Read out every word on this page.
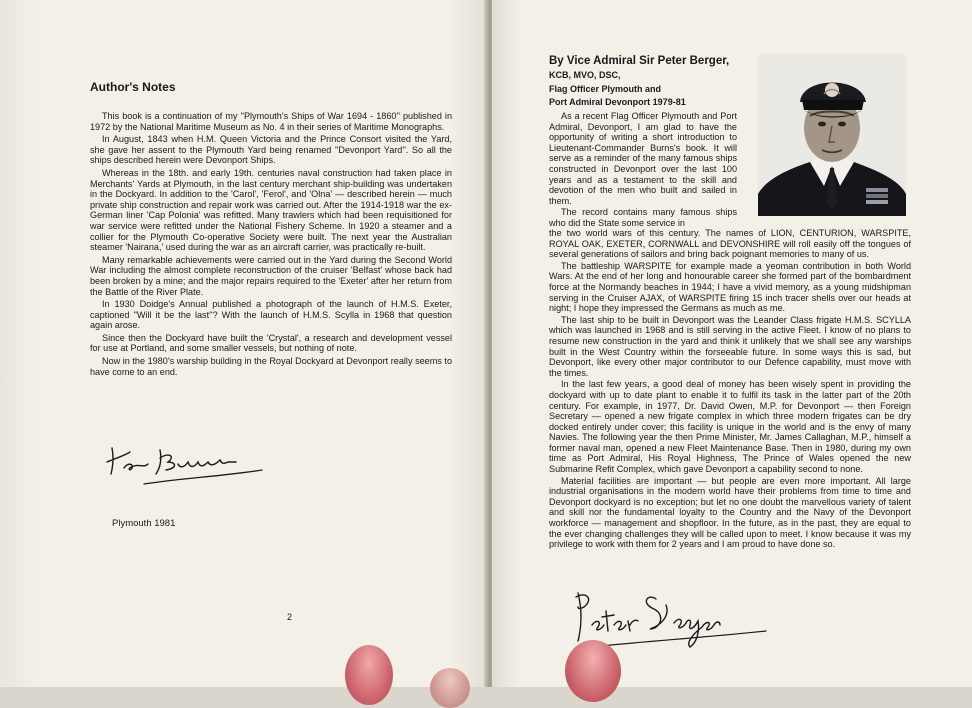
Author's Notes

This book is a continuation of my ''Plymouth's Ships of War 1694 - 1860'' published in 1972 by the National Maritime Museum as No. 4 in their series of Maritime Monographs.

In August, 1843 when H.M. Queen Victoria and the Prince Consort visited the Yard, she gave her assent to the Plymouth Yard being renamed ''Devonport Yard''. So all the ships described herein were Devonport Ships.

Whereas in the 18th. and early 19th. centuries naval construction had taken place in Merchants' Yards at Plymouth, in the last century merchant ship-building was undertaken in the Dockyard. In addition to the 'Carol', 'Ferol', and 'Olna' — described herein — much private ship construction and repair work was carried out. After the 1914-1918 war the ex-German liner 'Cap Polonia' was refitted. Many trawlers which had been requisitioned for war service were refitted under the National Fishery Scheme. In 1920 a steamer and a collier for the Plymouth Co-operative Society were built. The next year the Australian steamer 'Nairana,' used during the war as an aircraft carrier, was practically re-built.

Many remarkable achievements were carried out in the Yard during the Second World War including the almost complete reconstruction of the cruiser 'Belfast' whose back had been broken by a mine; and the major repairs required to the 'Exeter' after her return from the Battle of the River Plate.

In 1930 Doidge's Annual published a photograph of the launch of H.M.S. Exeter, captioned ''Will it be the last''? With the launch of H.M.S. Scylla in 1968 that question again arose.

Since then the Dockyard have built the 'Crystal', a research and development vessel for use at Portland, and some smaller vessels, but nothing of note.

Now in the 1980's warship building in the Royal Dockyard at Devonport really seems to have come to an end.

Plymouth 1981
2
By Vice Admiral Sir Peter Berger, KCB, MVO, DSC,
Flag Officer Plymouth and
Port Admiral Devonport 1979-81

As a recent Flag Officer Plymouth and Port Admiral, Devonport, I am glad to have the opportunity of writing a short introduction to Lieutenant-Commander Burns's book. It will serve as a reminder of the many famous ships constructed in Devonport over the last 100 years and as a testament to the skill and devotion of the men who built and sailed in them.

The record contains many famous ships who did the State some service in

the two world wars of this century. The names of LION, CENTURION, WARSPITE, ROYAL OAK, EXETER, CORNWALL and DEVONSHIRE will roll easily off the tongues of several generations of sailors and bring back poignant memories to many of us.

The battleship WARSPITE for example made a yeoman contribution in both World Wars. At the end of her long and honourable career she formed part of the bombardment force at the Normandy beaches in 1944; I have a vivid memory, as a young midshipman serving in the Cruiser AJAX, of WARSPITE firing 15 inch tracer shells over our heads at night; I hope they impressed the Germans as much as me.

The last ship to be built in Devonport was the Leander Class frigate H.M.S. SCYLLA which was launched in 1968 and is still serving in the active Fleet. I know of no plans to resume new construction in the yard and think it unlikely that we shall see any warships built in the West Country within the forseeable future. In some ways this is sad, but Devonport, like every other major contributor to our Defence capability, must move with the times.

In the last few years, a good deal of money has been wisely spent in providing the dockyard with up to date plant to enable it to fulfil its task in the latter part of the 20th century. For example, in 1977, Dr. David Owen, M.P. for Devonport — then Foreign Secretary — opened a new frigate complex in which three modern frigates can be dry docked entirely under cover; this facility is unique in the world and is the envy of many Navies. The following year the then Prime Minister, Mr. James Callaghan, M.P., himself a former naval man, opened a new Fleet Maintenance Base. Then in 1980, during my own time as Port Admiral, His Royal Highness, The Prince of Wales opened the new Submarine Refit Complex, which gave Devonport a capability second to none.

Material facilities are important — but people are even more important. All large industrial organisations in the modern world have their problems from time to time and Devonport dockyard is no exception; but let no one doubt the marvellous variety of talent and skill nor the fundamental loyalty to the Country and the Navy of the Devonport workforce — management and shopfloor. In the future, as in the past, they are equal to the ever changing challenges they will be called upon to meet. I know because it was my privilege to work with them for 2 years and I am proud to have done so.
